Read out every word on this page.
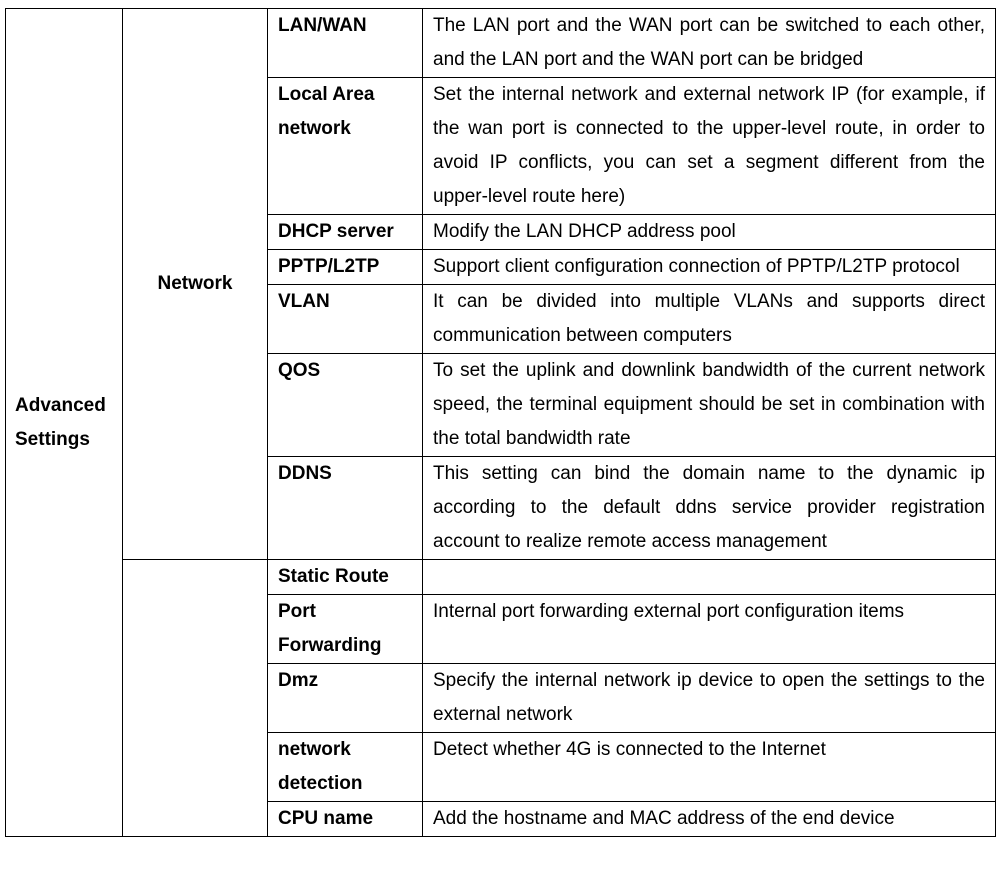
Advanced Settings	Network	LAN/WAN	The LAN port and the WAN port can be switched to each other, and the LAN port and the WAN port can be bridged
		Local Area network	Set the internal network and external network IP (for example, if the wan port is connected to the upper-level route, in order to avoid IP conflicts, you can set a segment different from the upper-level route here)
		DHCP server	Modify the LAN DHCP address pool
		PPTP/L2TP	Support client configuration connection of PPTP/L2TP protocol
		VLAN	It can be divided into multiple VLANs and supports direct communication between computers
		QOS	To set the uplink and downlink bandwidth of the current network speed, the terminal equipment should be set in combination with the total bandwidth rate
		DDNS	This setting can bind the domain name to the dynamic ip according to the default ddns service provider registration account to realize remote access management
		Static Route	
		Port Forwarding	Internal port forwarding external port configuration items
		Dmz	Specify the internal network ip device to open the settings to the external network
		network detection	Detect whether 4G is connected to the Internet
		CPU name	Add the hostname and MAC address of the end device
